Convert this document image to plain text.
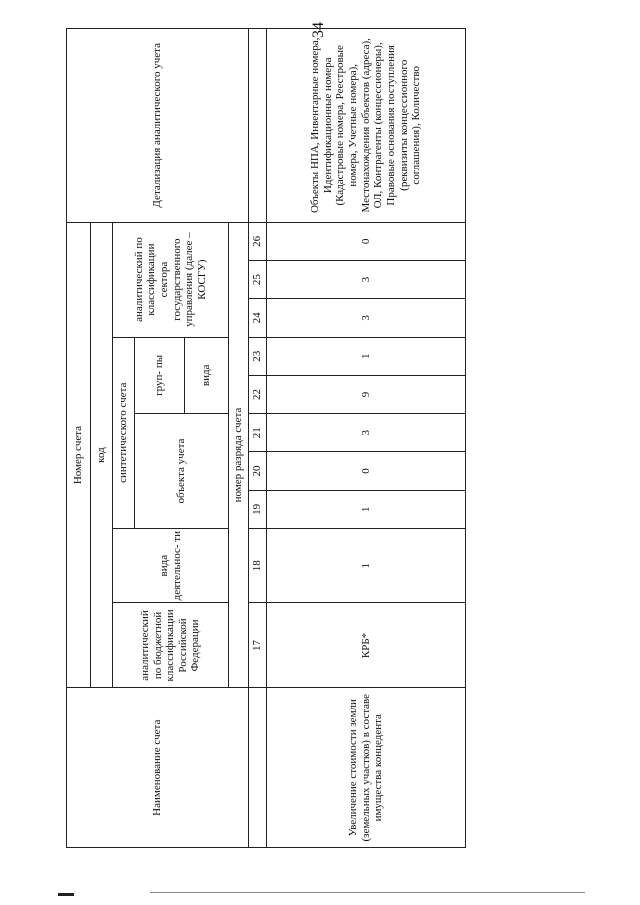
34
Наименование счета	Номер счета										Детализация аналитического учета
	код										
	аналитический по бюджетной классификации Российской Федерации	вида деятельнос- ти	синтетического счета					аналитический по классификации сектора государственного управления (далее – КОСГУ)			
			объекта учета			груп- пы					
						вида					
	номер разряда счета										
	17	18	19	20	21	22	23	24	25	26	
Увеличение стоимости земли (земельных участков) в составе имущества концедента	КРБ*	1	1	0	3	9	1	3	3	0	Объекты НПА, Инвентарные номера, Идентификационные номера (Кадастровые номера, Реестровые номера, Учетные номера), Местонахождения объектов (адреса), ОЛ, Контрагенты (концессионеры), Правовые основания поступления (реквизиты концессионного соглашения), Количество
